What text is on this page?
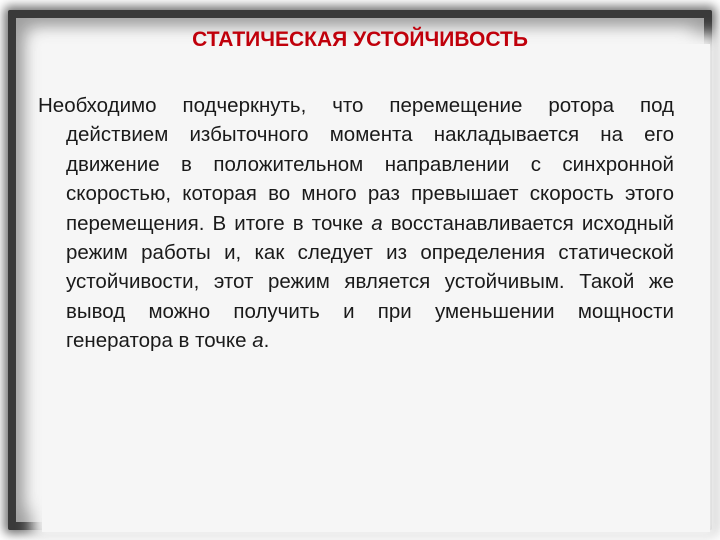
СТАТИЧЕСКАЯ УСТОЙЧИВОСТЬ

Необходимо подчеркнуть, что перемещение ротора под действием избыточного момента накладывается на его движение в положительном направлении с синхронной скоростью, которая во много раз превышает скорость этого перемещения. В итоге в точке а восстанавливается исходный режим работы и, как следует из определения статической устойчивости, этот режим является устойчивым. Такой же вывод можно получить и при уменьшении мощности генератора в точке а.
